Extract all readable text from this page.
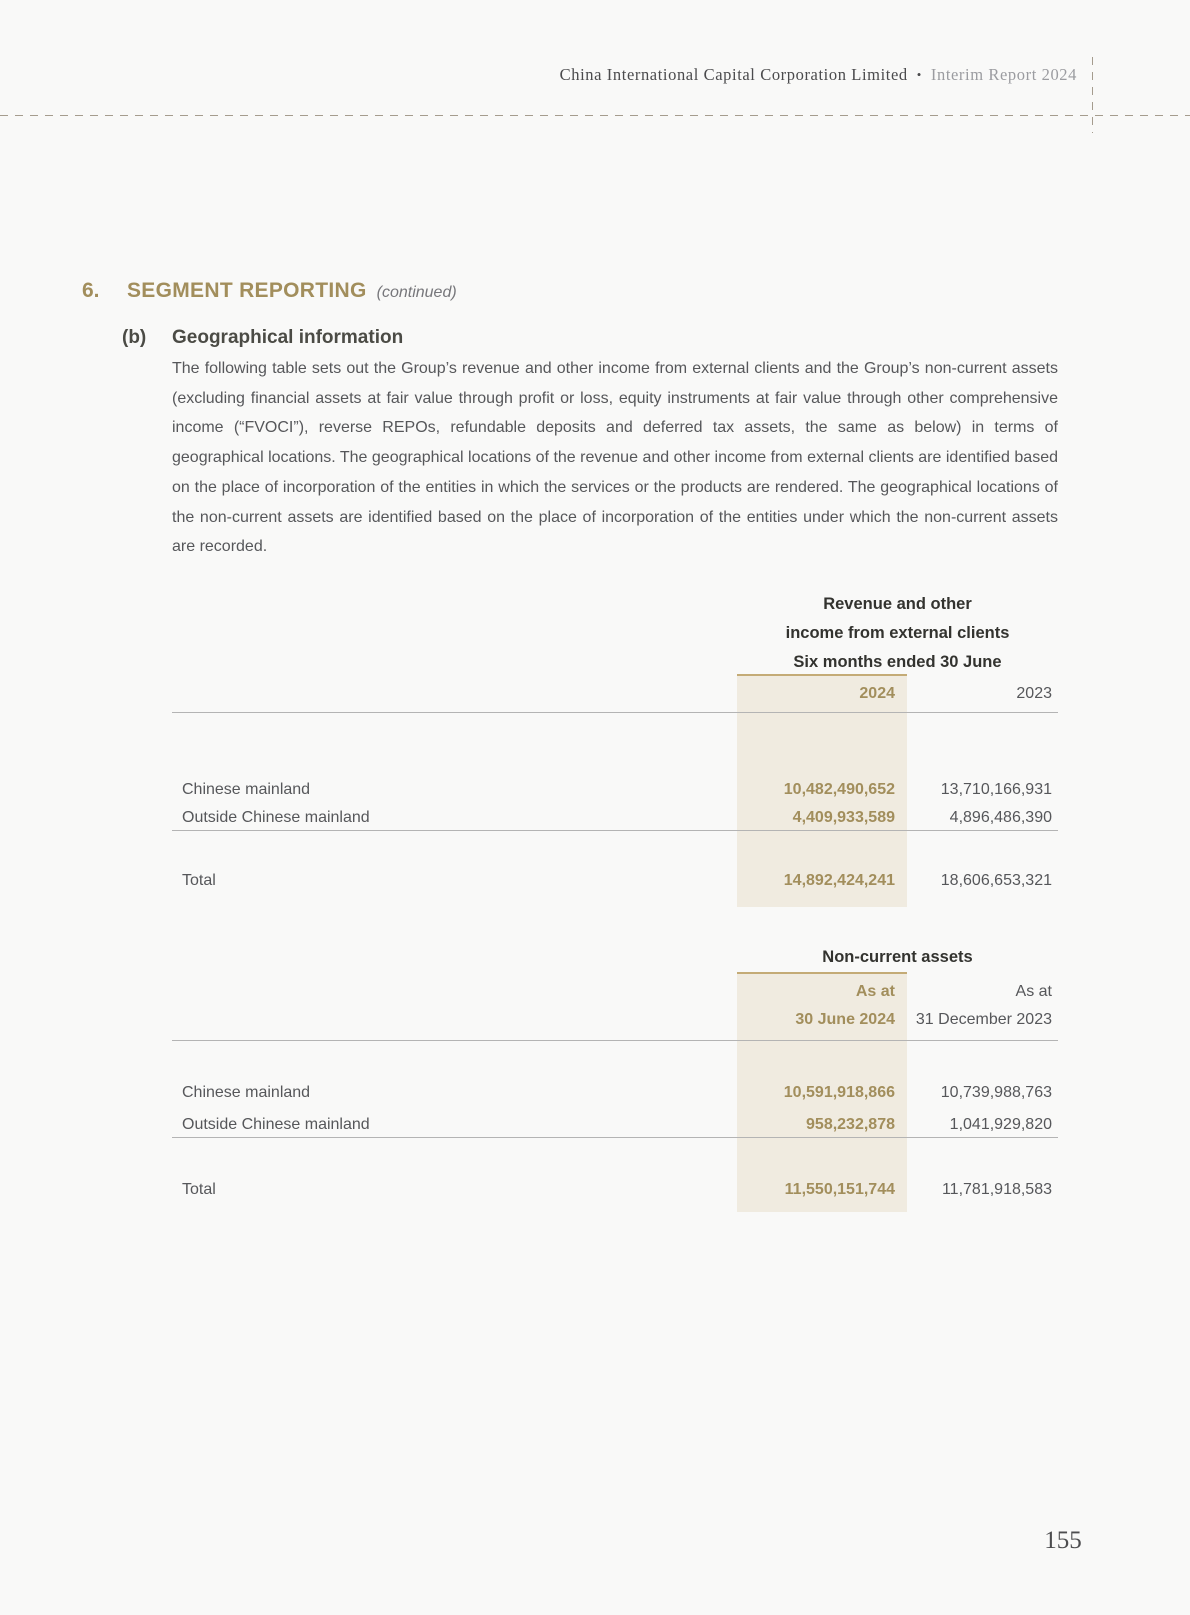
China International Capital Corporation Limited • Interim Report 2024
6.	SEGMENT REPORTING (continued)
(b)	Geographical information
The following table sets out the Group’s revenue and other income from external clients and the Group’s non-current assets (excluding financial assets at fair value through profit or loss, equity instruments at fair value through other comprehensive income (“FVOCI”), reverse REPOs, refundable deposits and deferred tax assets, the same as below) in terms of geographical locations. The geographical locations of the revenue and other income from external clients are identified based on the place of incorporation of the entities in which the services or the products are rendered. The geographical locations of the non-current assets are identified based on the place of incorporation of the entities under which the non-current assets are recorded.
Revenue and other
income from external clients
Six months ended 30 June
2024	2023
Chinese mainland	10,482,490,652	13,710,166,931
Outside Chinese mainland	4,409,933,589	4,896,486,390
Total	14,892,424,241	18,606,653,321
Non-current assets
As at	As at
30 June 2024	31 December 2023
Chinese mainland	10,591,918,866	10,739,988,763
Outside Chinese mainland	958,232,878	1,041,929,820
Total	11,550,151,744	11,781,918,583
155
